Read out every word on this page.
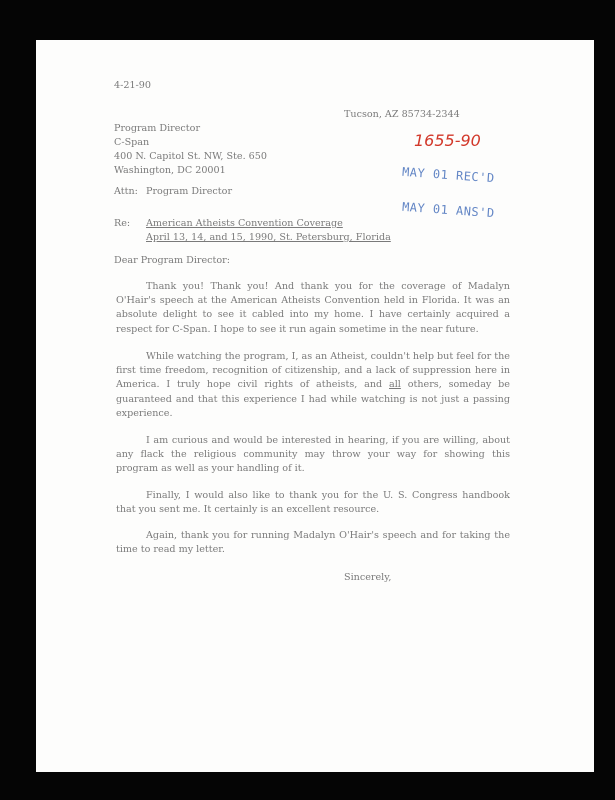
4-21-90
Tucson, AZ 85734-2344
1655-90
Program Director
C-Span
400 N. Capitol St. NW, Ste. 650
Washington, DC 20001	MAY 01 REC'D
MAY 01 ANS'D
Attn: Program Director
Re: American Atheists Convention Coverage
April 13, 14, and 15, 1990, St. Petersburg, Florida
Dear Program Director:
Thank you! Thank you! And thank you for the coverage of Madalyn O'Hair's speech at the American Atheists Convention held in Florida. It was an absolute delight to see it cabled into my home. I have certainly acquired a respect for C-Span. I hope to see it run again sometime in the near future.
While watching the program, I, as an Atheist, couldn't help but feel for the first time freedom, recognition of citizenship, and a lack of suppression here in America. I truly hope civil rights of atheists, and all others, someday be guaranteed and that this experience I had while watching is not just a passing experience.
I am curious and would be interested in hearing, if you are willing, about any flack the religious community may throw your way for showing this program as well as your handling of it.
Finally, I would also like to thank you for the U. S. Congress handbook that you sent me. It certainly is an excellent resource.
Again, thank you for running Madalyn O'Hair's speech and for taking the time to read my letter.
Sincerely,
